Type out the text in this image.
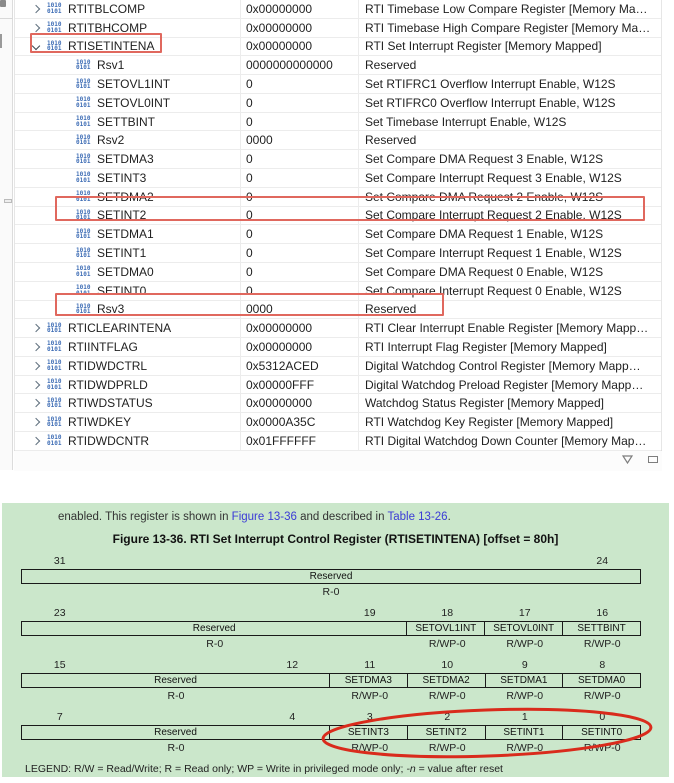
1010
0101 RTITBLCOMP	0x00000000	RTI Timebase Low Compare Register [Memory Ma…
1010
0101 RTITBHCOMP	0x00000000	RTI Timebase High Compare Register [Memory Ma…
1010
0101 RTISETINTENA	0x00000000	RTI Set Interrupt Register [Memory Mapped]
1010
0101 Rsv1	0000000000000	Reserved
1010
0101 SETOVL1INT	0	Set RTIFRC1 Overflow Interrupt Enable, W12S
1010
0101 SETOVL0INT	0	Set RTIFRC0 Overflow Interrupt Enable, W12S
1010
0101 SETTBINT	0	Set Timebase Interrupt Enable, W12S
1010
0101 Rsv2	0000	Reserved
1010
0101 SETDMA3	0	Set Compare DMA Request 3 Enable, W12S
1010
0101 SETINT3	0	Set Compare Interrupt Request 3 Enable, W12S
1010
0101 SETDMA2	0	Set Compare DMA Request 2 Enable, W12S
1010
0101 SETINT2	0	Set Compare Interrupt Request 2 Enable, W12S
1010
0101 SETDMA1	0	Set Compare DMA Request 1 Enable, W12S
1010
0101 SETINT1	0	Set Compare Interrupt Request 1 Enable, W12S
1010
0101 SETDMA0	0	Set Compare DMA Request 0 Enable, W12S
1010
0101 SETINT0	0	Set Compare Interrupt Request 0 Enable, W12S
1010
0101 Rsv3	0000	Reserved
1010
0101 RTICLEARINTENA	0x00000000	RTI Clear Interrupt Enable Register [Memory Mapp…
1010
0101 RTIINTFLAG	0x00000000	RTI Interrupt Flag Register [Memory Mapped]
1010
0101 RTIDWDCTRL	0x5312ACED	Digital Watchdog Control Register [Memory Mapp…
1010
0101 RTIDWDPRLD	0x00000FFF	Digital Watchdog Preload Register [Memory Mapp…
1010
0101 RTIWDSTATUS	0x00000000	Watchdog Status Register [Memory Mapped]
1010
0101 RTIWDKEY	0x0000A35C	RTI Watchdog Key Register [Memory Mapped]
1010
0101 RTIDWDCNTR	0x01FFFFFF	RTI Digital Watchdog Down Counter [Memory Map…
enabled. This register is shown in Figure 13-36 and described in Table 13-26.
Figure 13-36. RTI Set Interrupt Control Register (RTISETINTENA) [offset = 80h]
31	24
Reserved
R-0
23	19	18	17	16
Reserved	SETOVL1INT	SETOVL0INT	SETTBINT
R-0	R/WP-0	R/WP-0	R/WP-0
15	12	11	10	9	8
Reserved	SETDMA3	SETDMA2	SETDMA1	SETDMA0
R-0	R/WP-0	R/WP-0	R/WP-0	R/WP-0
7	4	3	2	1	0
Reserved	SETINT3	SETINT2	SETINT1	SETINT0
R-0	R/WP-0	R/WP-0	R/WP-0	R/WP-0
LEGEND: R/W = Read/Write; R = Read only; WP = Write in privileged mode only; -n = value after reset
